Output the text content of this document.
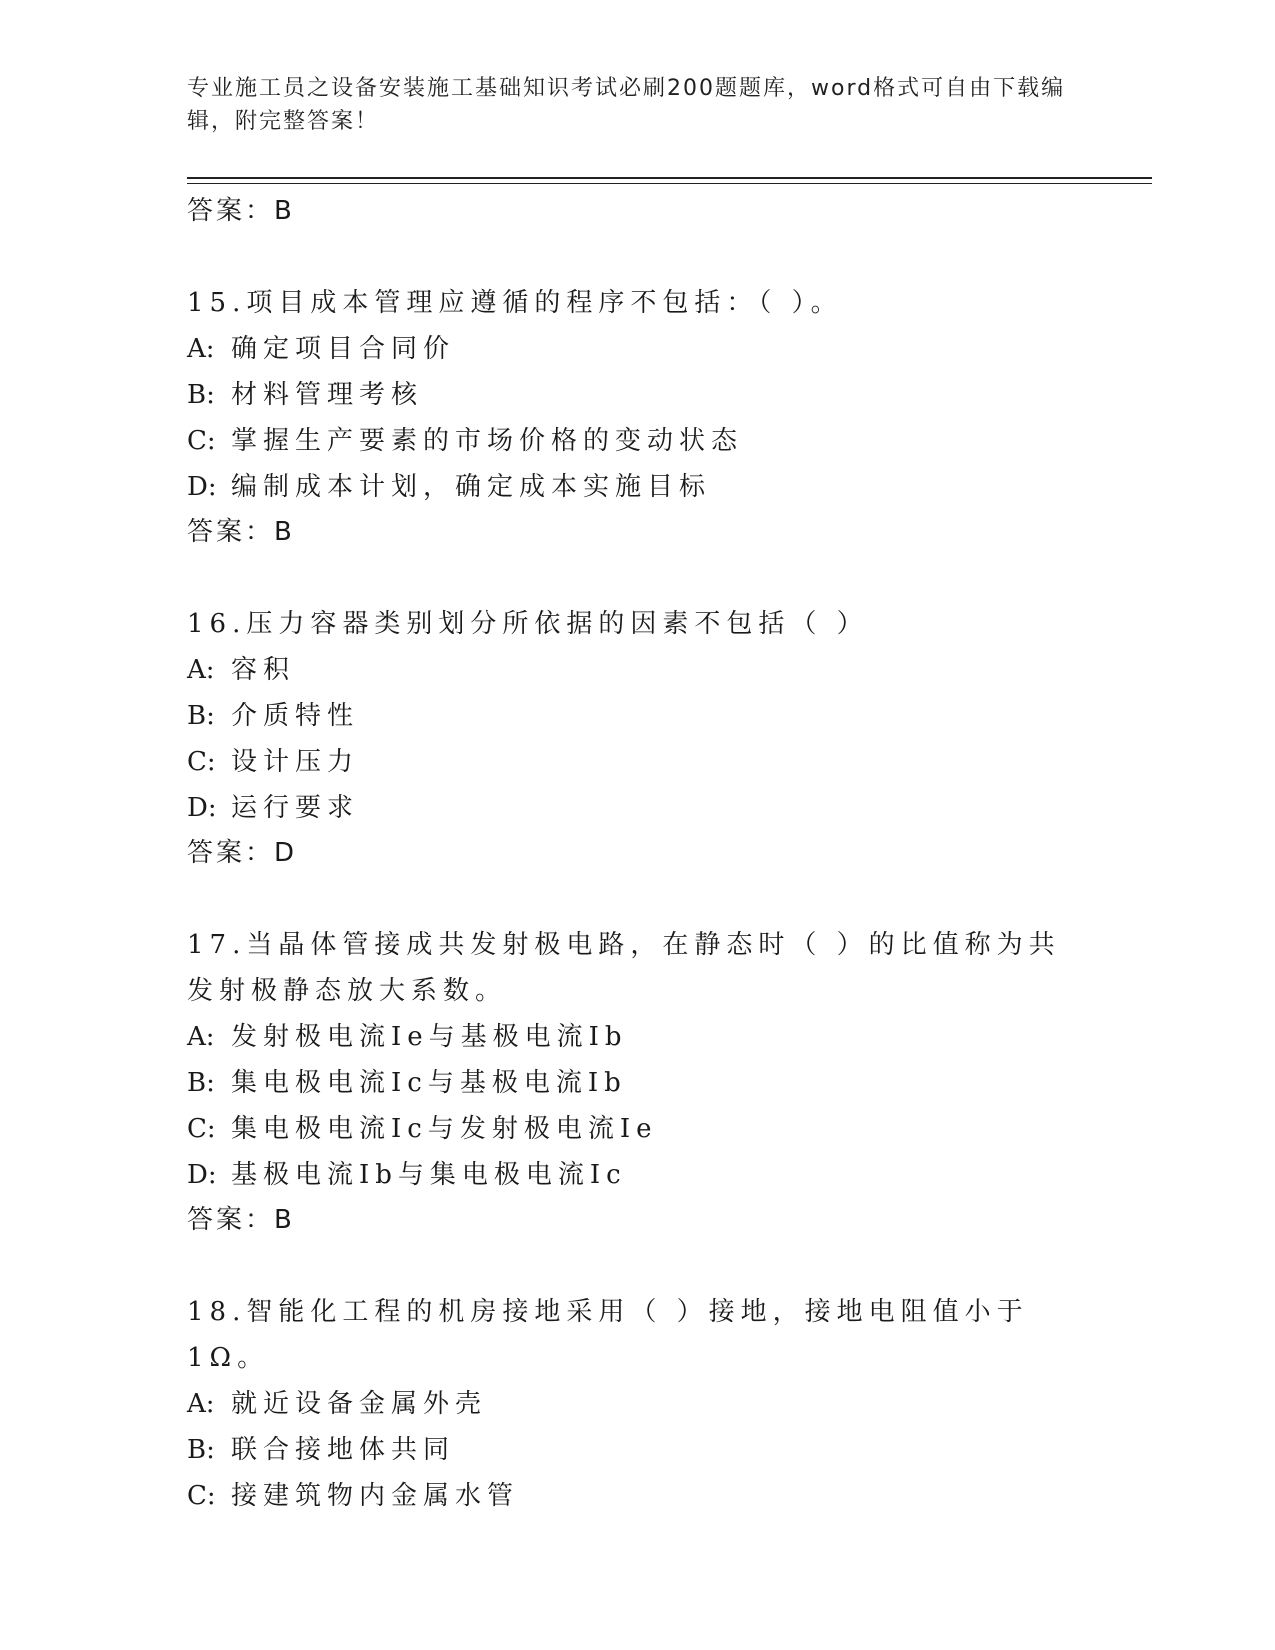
专业施工员之设备安装施工基础知识考试必刷200题题库，word格式可自由下载编辑，附完整答案！
答案：B
15.项目成本管理应遵循的程序不包括：（ ）。
A: 确定项目合同价
B: 材料管理考核
C: 掌握生产要素的市场价格的变动状态
D: 编制成本计划，确定成本实施目标
答案：B
16.压力容器类别划分所依据的因素不包括（ ）
A: 容积
B: 介质特性
C: 设计压力
D: 运行要求
答案：D
17.当晶体管接成共发射极电路，在静态时（ ）的比值称为共发射极静态放大系数。
A: 发射极电流Ie与基极电流Ib
B: 集电极电流Ic与基极电流Ib
C: 集电极电流Ic与发射极电流Ie
D: 基极电流Ib与集电极电流Ic
答案：B
18.智能化工程的机房接地采用（ ）接地，接地电阻值小于1Ω。
A: 就近设备金属外壳
B: 联合接地体共同
C: 接建筑物内金属水管
